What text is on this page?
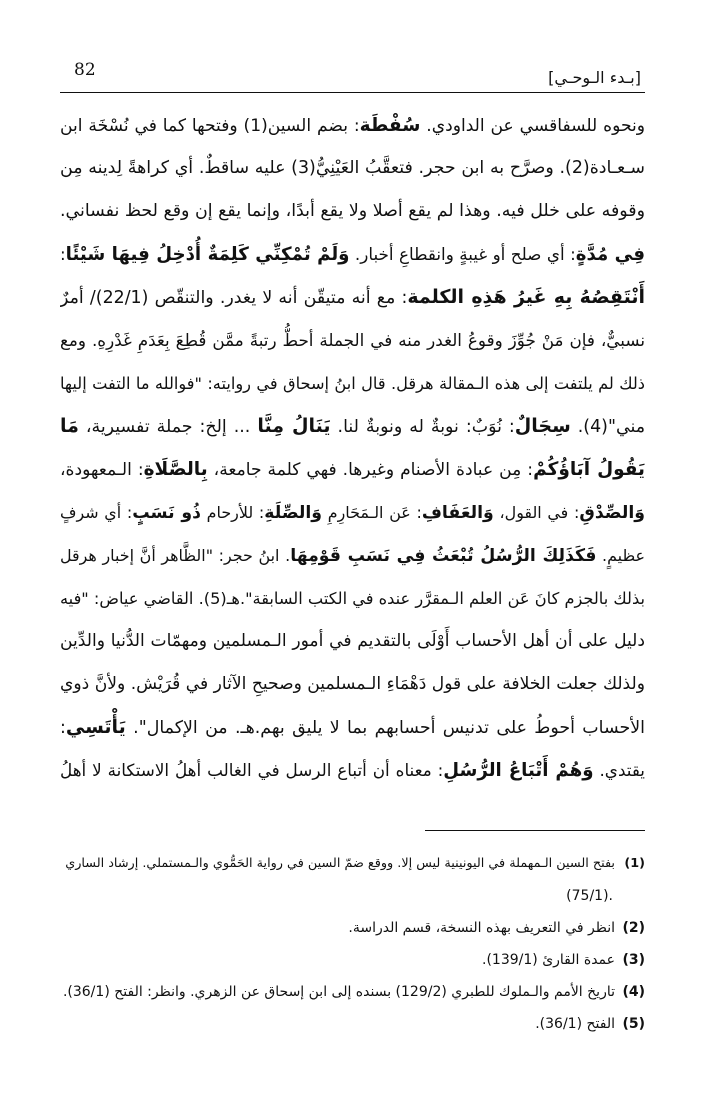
[بـدء الـوحـي]
82
ونحوه للسفاقسي عن الداودي. سُفْطَة: بضم السين(1) وفتحها كما في نُسْخَة ابن
سـعـادة(2). وصرَّح به ابن حجر. فتعقَّبُ العَيْنِيُّ(3) عليه ساقطٌ. أي كراهةً لِدينه مِن
وقوفه على خلل فيه. وهذا لم يقع أصلا ولا يقع أبدًا، وإنما يقع إن وقع لحظ نفساني.
فِي مُدَّةٍ: أي صلح أو غيبةٍ وانقطاعِ أخبار. وَلَمْ تُمْكِنِّي كَلِمَةٌ أُدْخِلُ فِيهَا شَيْئًا:
أَنْتَقِصُهُ بِهِ غَيرُ هَذِهِ الكلمة: مع أنه متيقّن أنه لا يغدر. والتنقّص (22/1)/ أمرٌ
نسبيٌّ، فإن مَنْ جُوِّزَ وقوعُ الغدر منه في الجملة أحطُّ رتبةً ممَّن قُطِعَ بِعَدَمِ غَدْرِهِ. ومع
ذلك لم يلتفت إلى هذه الـمقالة هرقل. قال ابنُ إسحاق في روايته: "فوالله ما التفت إليها
مني"(4). سِجَالٌ: نُوَبٌ: نوبةٌ له ونوبةٌ لنا. يَنَالُ مِنَّا ... إلخ: جملة تفسيرية، مَا
يَقُولُ آبَاؤُكُمْ: مِن عبادة الأصنام وغيرها. فهي كلمة جامعة، بِالصَّلَاةِ: الـمعهودة،
وَالصِّدْقِ: في القول، وَالعَفَافِ: عَن الـمَحَارِمِ وَالصِّلَةِ: للأرحام ذُو نَسَبٍ: أي شرفٍ
عظيمٍ. فَكَذَلِكَ الرُّسُلُ تُبْعَثُ فِي نَسَبِ قَوْمِهَا. ابنُ حجر: "الظَّاهر أنَّ إخبار هرقل
بذلك بالجزم كانَ عَن العلم الـمقرَّر عنده في الكتب السابقة".هـ(5). القاضي عياض: "فيه
دليل على أن أهل الأحساب أَوْلَى بالتقديم في أمور الـمسلمين ومهمّات الدُّنيا والدِّين
ولذلك جعلت الخلافة على قول دَهْمَاءِ الـمسلمين وصحيحِ الآثار في قُرَيْش. ولأنَّ ذوي
الأحساب أحوطُ على تدنيس أحسابهم بما لا يليق بهم.هـ. من الإكمال". يَأْتَسِي:
يقتدي. وَهُمْ أَتْبَاعُ الرُّسُلِ: معناه أن أتباع الرسل في الغالب أهلُ الاستكانة لا أهلُ
(1)بفتح السين الـمهملة في اليونينية ليس إلا. ووقع ضمّ السين في رواية الحَمُّوي والـمستملي. إرشاد الساري
.(75/1)
(2)انظر في التعريف بهذه النسخة، قسم الدراسة.
(3)عمدة القارئ (139/1).
(4)تاريخ الأمم والـملوك للطبري (129/2) بسنده إلى ابن إسحاق عن الزهري. وانظر: الفتح (36/1).
(5)الفتح (36/1).
